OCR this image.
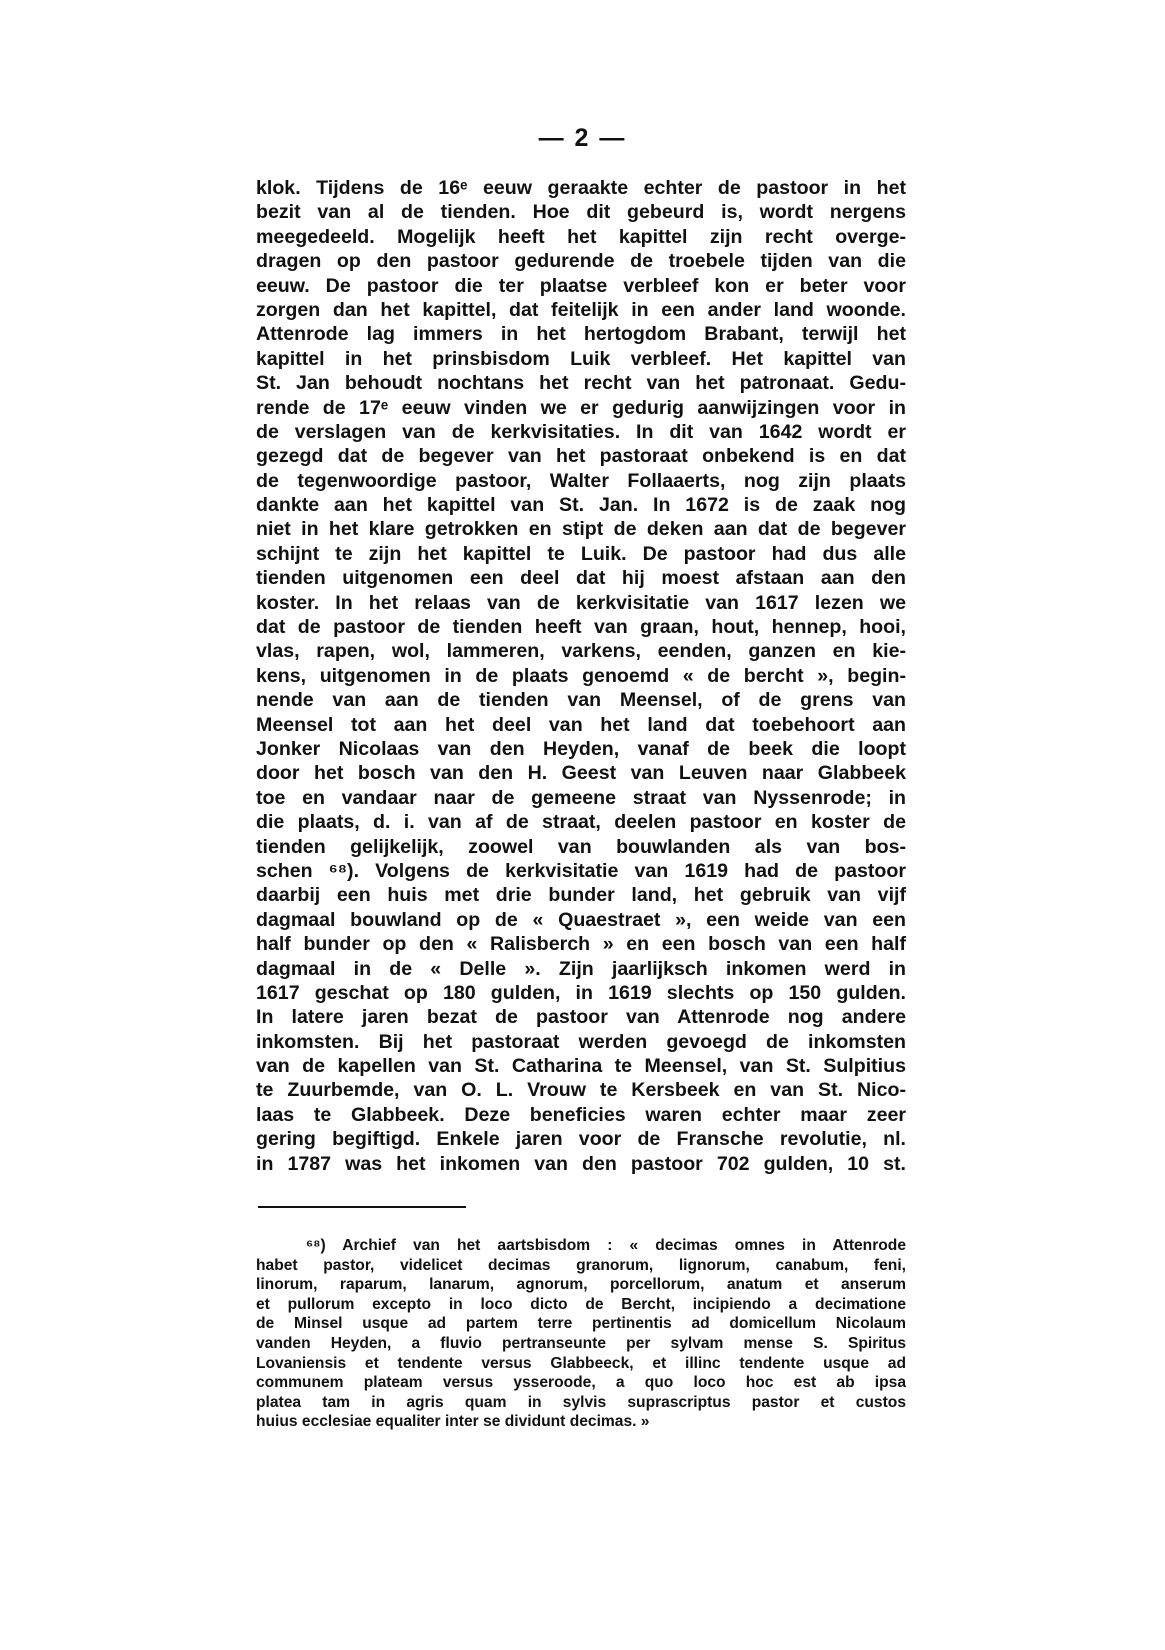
— 2 —
klok. Tijdens de 16ᵉ eeuw geraakte echter de pastoor in het
bezit van al de tienden. Hoe dit gebeurd is, wordt nergens
meegedeeld. Mogelijk heeft het kapittel zijn recht overge-
dragen op den pastoor gedurende de troebele tijden van die
eeuw. De pastoor die ter plaatse verbleef kon er beter voor
zorgen dan het kapittel, dat feitelijk in een ander land woonde.
Attenrode lag immers in het hertogdom Brabant, terwijl het
kapittel in het prinsbisdom Luik verbleef. Het kapittel van
St. Jan behoudt nochtans het recht van het patronaat. Gedu-
rende de 17ᵉ eeuw vinden we er gedurig aanwijzingen voor in
de verslagen van de kerkvisitaties. In dit van 1642 wordt er
gezegd dat de begever van het pastoraat onbekend is en dat
de tegenwoordige pastoor, Walter Follaaerts, nog zijn plaats
dankte aan het kapittel van St. Jan. In 1672 is de zaak nog
niet in het klare getrokken en stipt de deken aan dat de begever
schijnt te zijn het kapittel te Luik. De pastoor had dus alle
tienden uitgenomen een deel dat hij moest afstaan aan den
koster. In het relaas van de kerkvisitatie van 1617 lezen we
dat de pastoor de tienden heeft van graan, hout, hennep, hooi,
vlas, rapen, wol, lammeren, varkens, eenden, ganzen en kie-
kens, uitgenomen in de plaats genoemd « de bercht », begin-
nende van aan de tienden van Meensel, of de grens van
Meensel tot aan het deel van het land dat toebehoort aan
Jonker Nicolaas van den Heyden, vanaf de beek die loopt
door het bosch van den H. Geest van Leuven naar Glabbeek
toe en vandaar naar de gemeene straat van Nyssenrode; in
die plaats, d. i. van af de straat, deelen pastoor en koster de
tienden gelijkelijk, zoowel van bouwlanden als van bos-
schen ⁶⁸). Volgens de kerkvisitatie van 1619 had de pastoor
daarbij een huis met drie bunder land, het gebruik van vijf
dagmaal bouwland op de « Quaestraet », een weide van een
half bunder op den « Ralisberch » en een bosch van een half
dagmaal in de « Delle ». Zijn jaarlijksch inkomen werd in
1617 geschat op 180 gulden, in 1619 slechts op 150 gulden.
In latere jaren bezat de pastoor van Attenrode nog andere
inkomsten. Bij het pastoraat werden gevoegd de inkomsten
van de kapellen van St. Catharina te Meensel, van St. Sulpitius
te Zuurbemde, van O. L. Vrouw te Kersbeek en van St. Nico-
laas te Glabbeek. Deze beneficies waren echter maar zeer
gering begiftigd. Enkele jaren voor de Fransche revolutie, nl.
in 1787 was het inkomen van den pastoor 702 gulden, 10 st.
⁶⁸) Archief van het aartsbisdom : « decimas omnes in Attenrode
habet pastor, videlicet decimas granorum, lignorum, canabum, feni,
linorum, raparum, lanarum, agnorum, porcellorum, anatum et anserum
et pullorum excepto in loco dicto de Bercht, incipiendo a decimatione
de Minsel usque ad partem terre pertinentis ad domicellum Nicolaum
vanden Heyden, a fluvio pertranseunte per sylvam mense S. Spiritus
Lovaniensis et tendente versus Glabbeeck, et illinc tendente usque ad
communem plateam versus ysseroode, a quo loco hoc est ab ipsa
platea tam in agris quam in sylvis suprascriptus pastor et custos
huius ecclesiae equaliter inter se dividunt decimas. »
